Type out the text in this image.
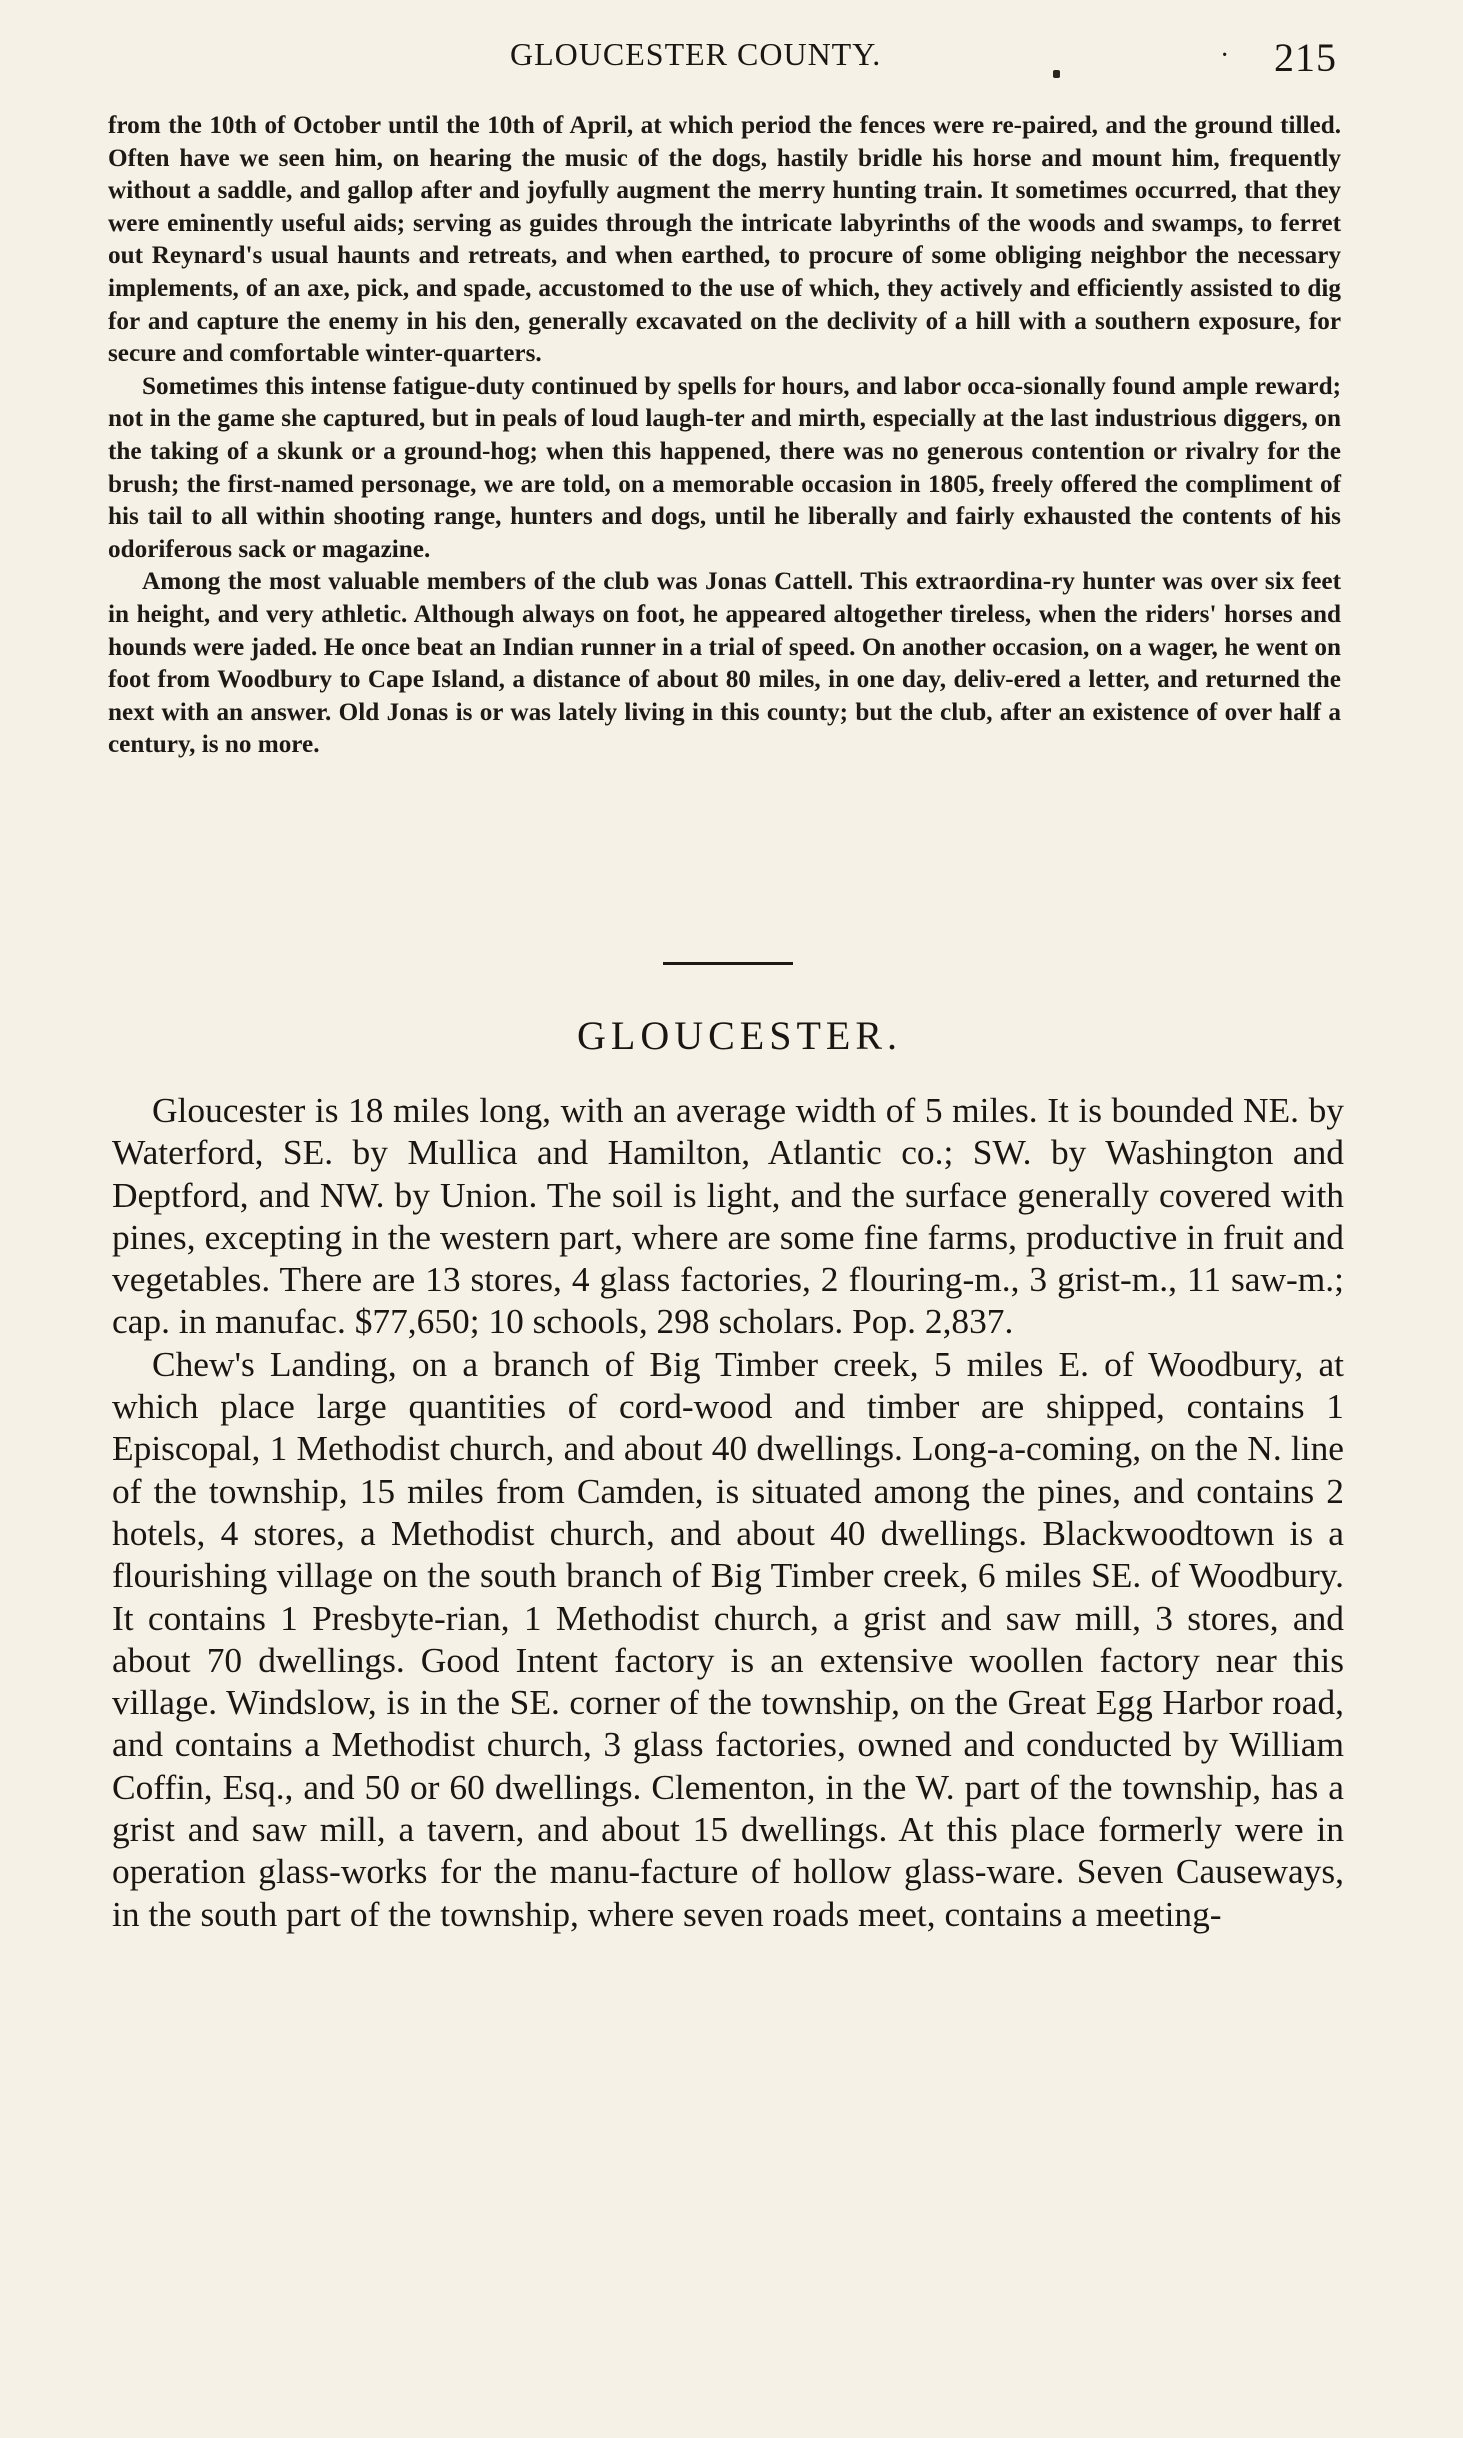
GLOUCESTER COUNTY.	· 215

from the 10th of October until the 10th of April, at which period the fences were re-paired, and the ground tilled. Often have we seen him, on hearing the music of the dogs, hastily bridle his horse and mount him, frequently without a saddle, and gallop after and joyfully augment the merry hunting train. It sometimes occurred, that they were eminently useful aids; serving as guides through the intricate labyrinths of the woods and swamps, to ferret out Reynard's usual haunts and retreats, and when earthed, to procure of some obliging neighbor the necessary implements, of an axe, pick, and spade, accustomed to the use of which, they actively and efficiently assisted to dig for and capture the enemy in his den, generally excavated on the declivity of a hill with a southern exposure, for secure and comfortable winter-quarters.

Sometimes this intense fatigue-duty continued by spells for hours, and labor occa-sionally found ample reward; not in the game she captured, but in peals of loud laugh-ter and mirth, especially at the last industrious diggers, on the taking of a skunk or a ground-hog; when this happened, there was no generous contention or rivalry for the brush; the first-named personage, we are told, on a memorable occasion in 1805, freely offered the compliment of his tail to all within shooting range, hunters and dogs, until he liberally and fairly exhausted the contents of his odoriferous sack or magazine.

Among the most valuable members of the club was Jonas Cattell. This extraordina-ry hunter was over six feet in height, and very athletic. Although always on foot, he appeared altogether tireless, when the riders' horses and hounds were jaded. He once beat an Indian runner in a trial of speed. On another occasion, on a wager, he went on foot from Woodbury to Cape Island, a distance of about 80 miles, in one day, deliv-ered a letter, and returned the next with an answer. Old Jonas is or was lately living in this county; but the club, after an existence of over half a century, is no more.

GLOUCESTER.

Gloucester is 18 miles long, with an average width of 5 miles. It is bounded NE. by Waterford, SE. by Mullica and Hamilton, Atlantic co.; SW. by Washington and Deptford, and NW. by Union. The soil is light, and the surface generally covered with pines, excepting in the western part, where are some fine farms, productive in fruit and vegetables. There are 13 stores, 4 glass factories, 2 flouring-m., 3 grist-m., 11 saw-m.; cap. in manufac. $77,650; 10 schools, 298 scholars. Pop. 2,837.

Chew's Landing, on a branch of Big Timber creek, 5 miles E. of Woodbury, at which place large quantities of cord-wood and timber are shipped, contains 1 Episcopal, 1 Methodist church, and about 40 dwellings. Long-a-coming, on the N. line of the township, 15 miles from Camden, is situated among the pines, and contains 2 hotels, 4 stores, a Methodist church, and about 40 dwellings. Blackwoodtown is a flourishing village on the south branch of Big Timber creek, 6 miles SE. of Woodbury. It contains 1 Presbyte-rian, 1 Methodist church, a grist and saw mill, 3 stores, and about 70 dwellings. Good Intent factory is an extensive woollen factory near this village. Windslow, is in the SE. corner of the township, on the Great Egg Harbor road, and contains a Methodist church, 3 glass factories, owned and conducted by William Coffin, Esq., and 50 or 60 dwellings. Clementon, in the W. part of the township, has a grist and saw mill, a tavern, and about 15 dwellings. At this place formerly were in operation glass-works for the manu-facture of hollow glass-ware. Seven Causeways, in the south part of the township, where seven roads meet, contains a meeting-
